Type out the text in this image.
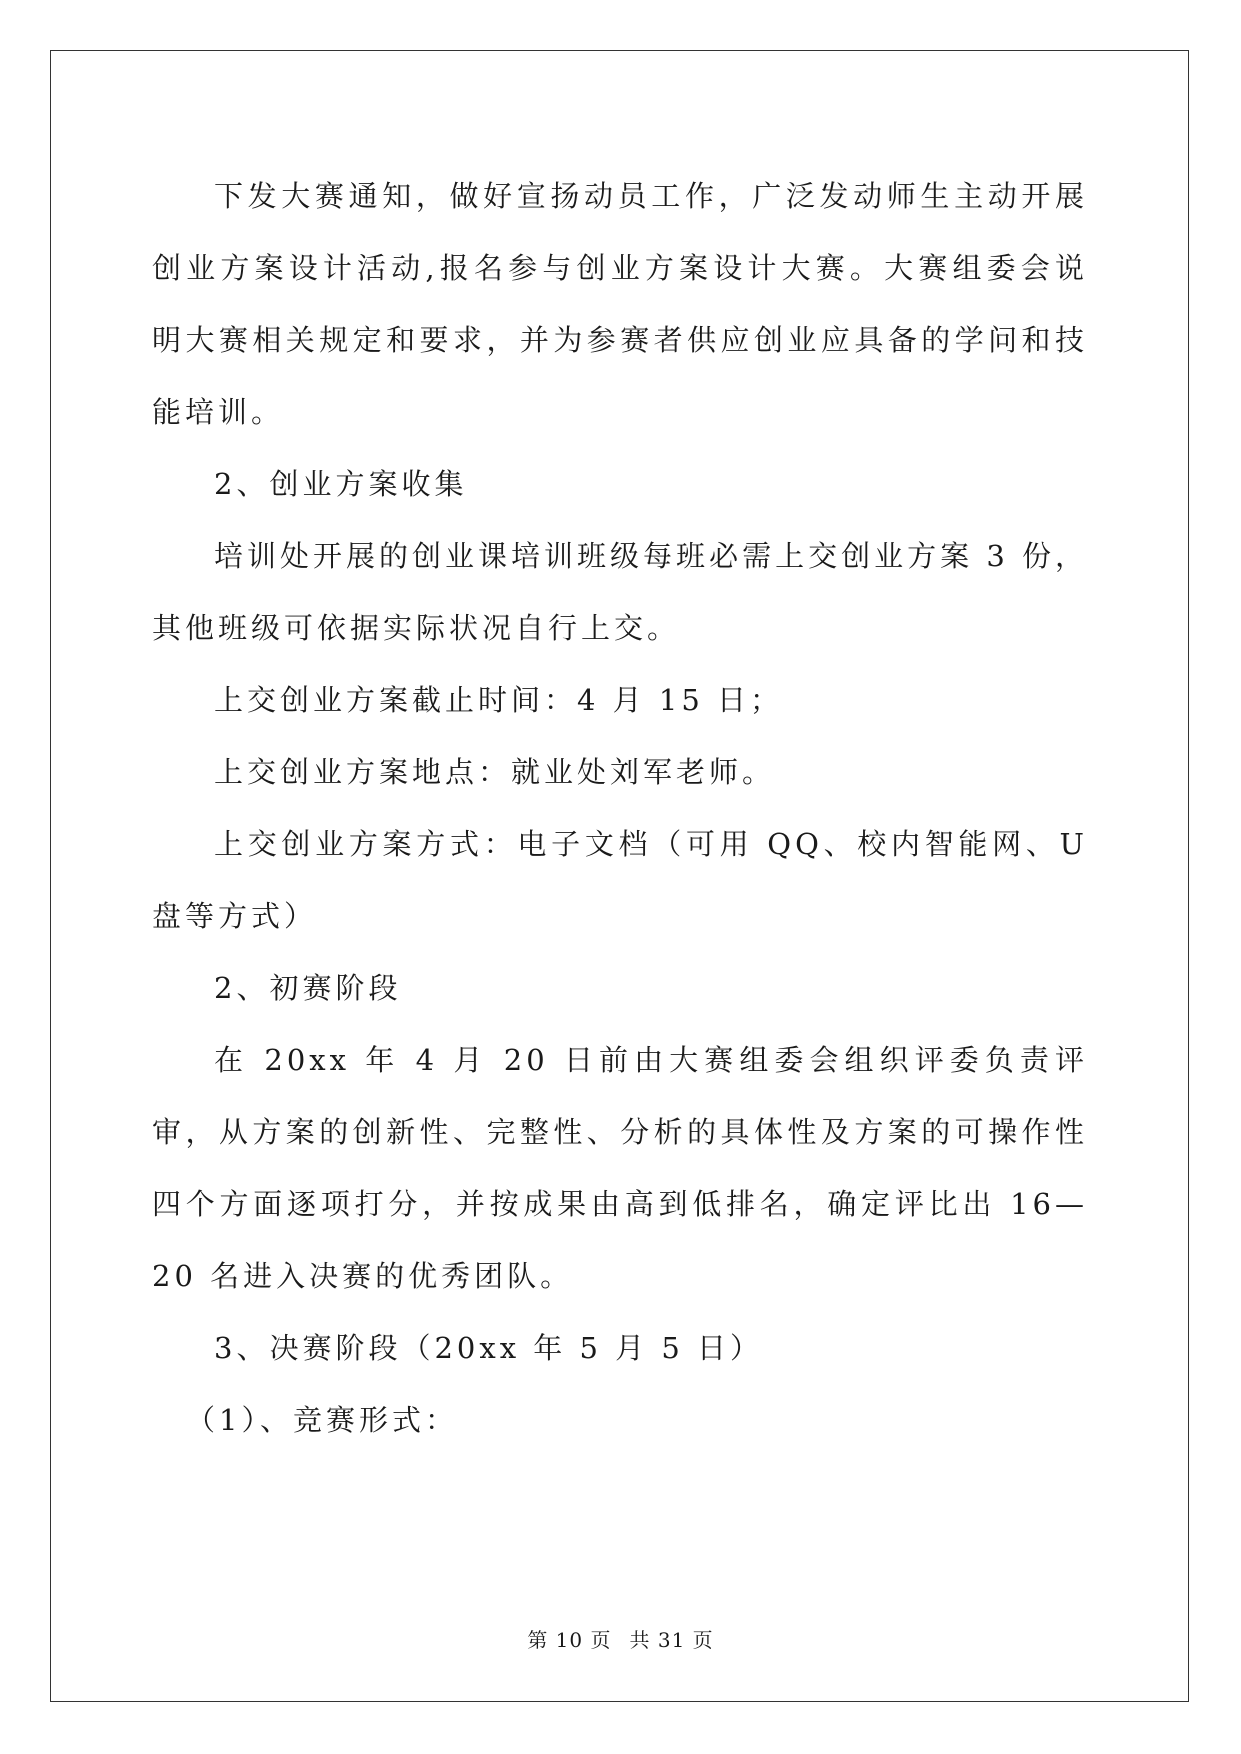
下发大赛通知，做好宣扬动员工作，广泛发动师生主动开展创业方案设计活动,报名参与创业方案设计大赛。大赛组委会说明大赛相关规定和要求，并为参赛者供应创业应具备的学问和技能培训。

2、创业方案收集

培训处开展的创业课培训班级每班必需上交创业方案 3 份，其他班级可依据实际状况自行上交。

上交创业方案截止时间：4 月 15 日；

上交创业方案地点：就业处刘军老师。

上交创业方案方式：电子文档（可用 QQ、校内智能网、U 盘等方式）

2、初赛阶段

在 20xx 年 4 月 20 日前由大赛组委会组织评委负责评审，从方案的创新性、完整性、分析的具体性及方案的可操作性四个方面逐项打分，并按成果由高到低排名，确定评比出 16—20 名进入决赛的优秀团队。

3、决赛阶段（20xx 年 5 月 5 日）

（1）、竞赛形式：

第 10 页 共 31 页
